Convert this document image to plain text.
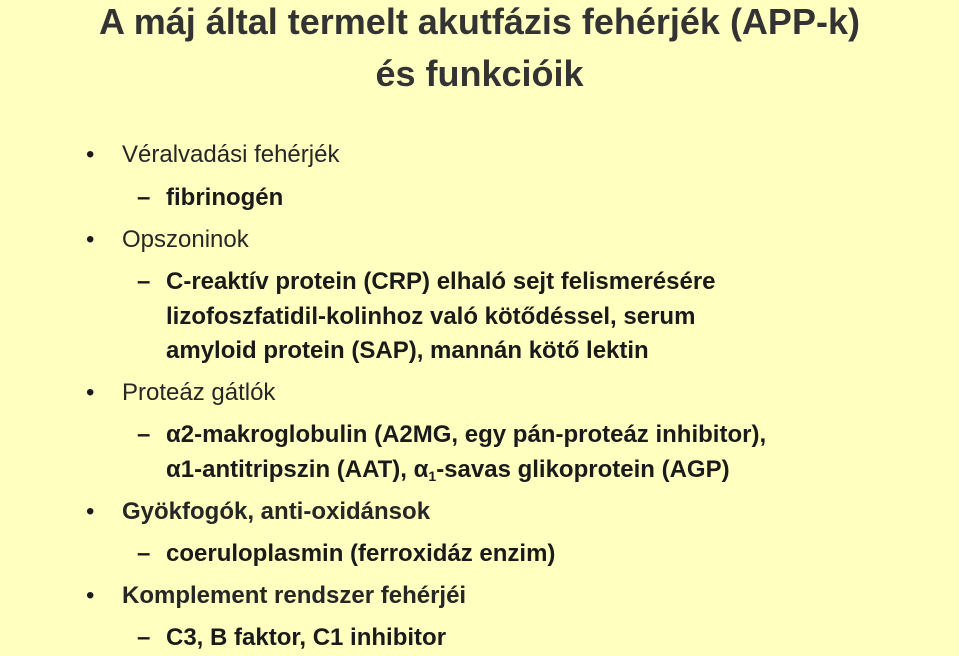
A máj által termelt akutfázis fehérjék (APP-k)
és funkcióik
•	Véralvadási fehérjék
– fibrinogén
•	Opszoninok
– C-reaktív protein (CRP) elhaló sejt felismerésére
lizofoszfatidil-kolinhoz való kötődéssel, serum
amyloid protein (SAP), mannán kötő lektin
•	Proteáz gátlók
– α2-makroglobulin (A2MG, egy pán-proteáz inhibitor),
α1-antitripszin (AAT), $\alpha_1$-savas glikoprotein (AGP)
•	Gyökfogók, anti-oxidánsok
– coeruloplasmin (ferroxidáz enzim)
•	Komplement rendszer fehérjéi
– C3, B faktor, C1 inhibitor
